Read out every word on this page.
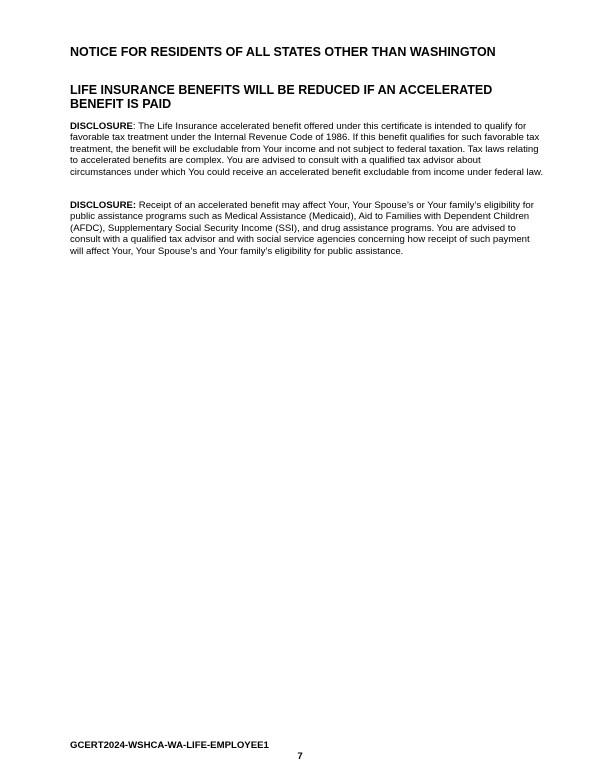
NOTICE FOR RESIDENTS OF ALL STATES OTHER THAN WASHINGTON
LIFE INSURANCE BENEFITS WILL BE REDUCED IF AN ACCELERATED BENEFIT IS PAID

DISCLOSURE: The Life Insurance accelerated benefit offered under this certificate is intended to qualify for favorable tax treatment under the Internal Revenue Code of 1986. If this benefit qualifies for such favorable tax treatment, the benefit will be excludable from Your income and not subject to federal taxation. Tax laws relating to accelerated benefits are complex. You are advised to consult with a qualified tax advisor about circumstances under which You could receive an accelerated benefit excludable from income under federal law.

DISCLOSURE: Receipt of an accelerated benefit may affect Your, Your Spouse’s or Your family’s eligibility for public assistance programs such as Medical Assistance (Medicaid), Aid to Families with Dependent Children (AFDC), Supplementary Social Security Income (SSI), and drug assistance programs. You are advised to consult with a qualified tax advisor and with social service agencies concerning how receipt of such payment will affect Your, Your Spouse’s and Your family’s eligibility for public assistance.

GCERT2024-WSHCA-WA-LIFE-EMPLOYEE1

7
